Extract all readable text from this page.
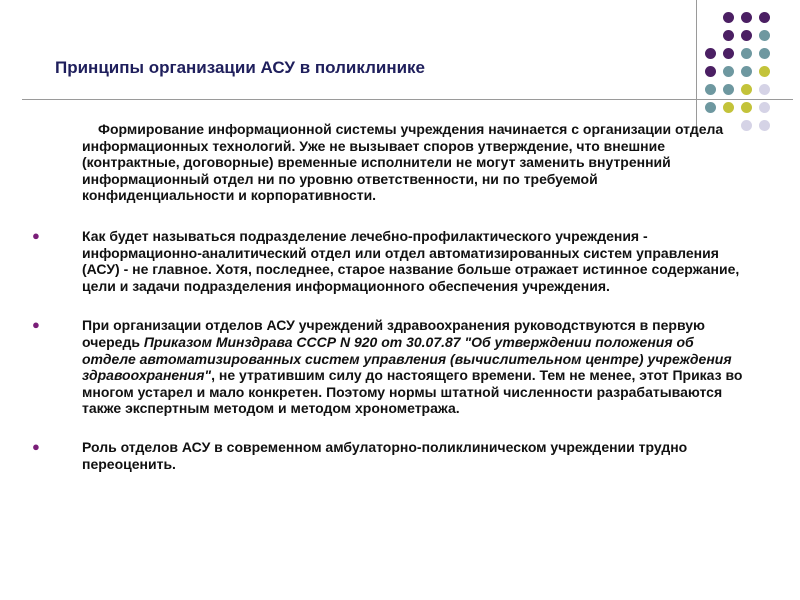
Принципы организации АСУ в поликлинике

Формирование информационной системы учреждения начинается с организации отдела информационных технологий. Уже не вызывает споров утверждение, что внешние (контрактные, договорные) временные исполнители не могут заменить внутренний информационный отдел ни по уровню ответственности, ни по требуемой конфиденциальности и корпоративности.

●	Как будет называться подразделение лечебно-профилактического учреждения - информационно-аналитический отдел или отдел автоматизированных систем управления (АСУ) - не главное. Хотя, последнее, старое название больше отражает истинное содержание, цели и задачи подразделения информационного обеспечения учреждения.

●	При организации отделов АСУ учреждений здравоохранения руководствуются в первую очередь Приказом Минздрава СССР N 920 от 30.07.87 "Об утверждении положения об отделе автоматизированных систем управления (вычислительном центре) учреждения здравоохранения", не утратившим силу до настоящего времени. Тем не менее, этот Приказ во многом устарел и мало конкретен. Поэтому нормы штатной численности разрабатываются также экспертным методом и методом хронометража.

●	Роль отделов АСУ в современном амбулаторно-поликлиническом учреждении трудно переоценить.
